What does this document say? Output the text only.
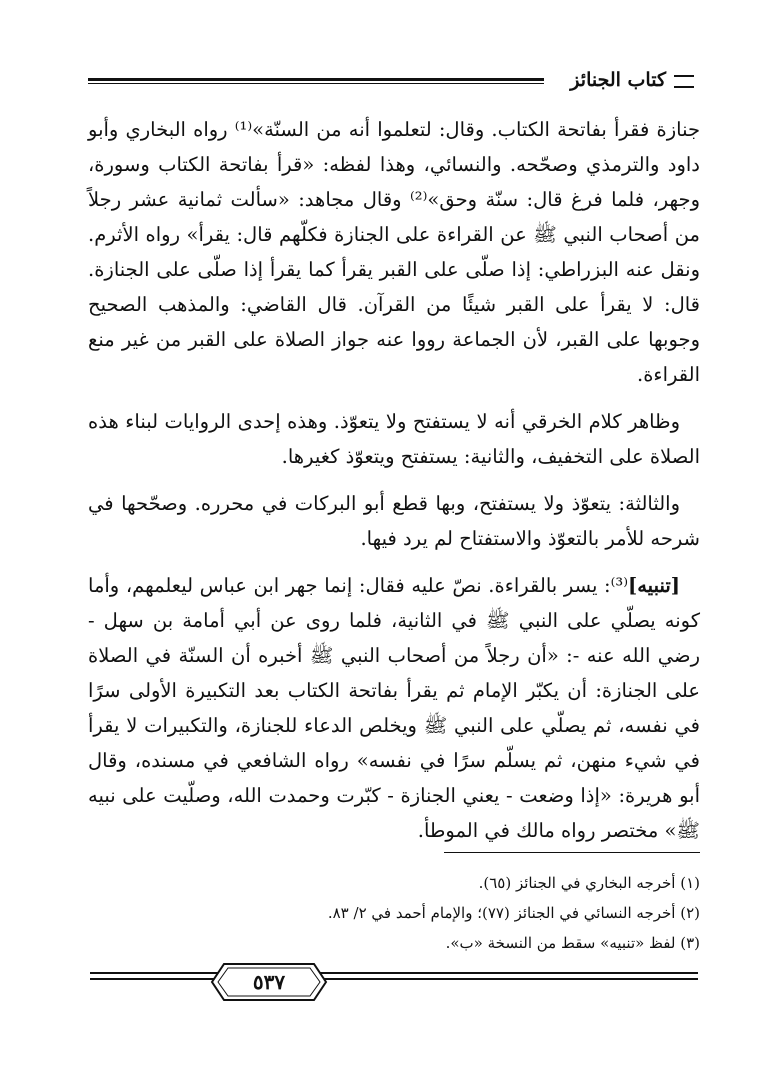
كتاب الجنائز

جنازة فقرأ بفاتحة الكتاب. وقال: لتعلموا أنه من السنّة»⁽¹⁾ رواه البخاري وأبو داود والترمذي وصحّحه. والنسائي، وهذا لفظه: «قرأ بفاتحة الكتاب وسورة، وجهر، فلما فرغ قال: سنّة وحق»⁽²⁾ وقال مجاهد: «سألت ثمانية عشر رجلاً من أصحاب النبي ﷺ عن القراءة على الجنازة فكلّهم قال: يقرأ» رواه الأثرم. ونقل عنه البزراطي: إذا صلّى على القبر يقرأ كما يقرأ إذا صلّى على الجنازة. قال: لا يقرأ على القبر شيئًا من القرآن. قال القاضي: والمذهب الصحيح وجوبها على القبر، لأن الجماعة رووا عنه جواز الصلاة على القبر من غير منع القراءة.

وظاهر كلام الخرقي أنه لا يستفتح ولا يتعوّذ. وهذه إحدى الروايات لبناء هذه الصلاة على التخفيف، والثانية: يستفتح ويتعوّذ كغيرها.

والثالثة: يتعوّذ ولا يستفتح، وبها قطع أبو البركات في محرره. وصحّحها في شرحه للأمر بالتعوّذ والاستفتاح لم يرد فيها.

[تنبيه]⁽³⁾: يسر بالقراءة. نصّ عليه فقال: إنما جهر ابن عباس ليعلمهم، وأما كونه يصلّي على النبي ﷺ في الثانية، فلما روى عن أبي أمامة بن سهل - رضي الله عنه -: «أن رجلاً من أصحاب النبي ﷺ أخبره أن السنّة في الصلاة على الجنازة: أن يكبّر الإمام ثم يقرأ بفاتحة الكتاب بعد التكبيرة الأولى سرًا في نفسه، ثم يصلّي على النبي ﷺ ويخلص الدعاء للجنازة، والتكبيرات لا يقرأ في شيء منهن، ثم يسلّم سرًا في نفسه» رواه الشافعي في مسنده، وقال أبو هريرة: «إذا وضعت - يعني الجنازة - كبّرت وحمدت الله، وصلّيت على نبيه ﷺ» مختصر رواه مالك في الموطأ.

(١) أخرجه البخاري في الجنائز (٦٥).
(٢) أخرجه النسائي في الجنائز (٧٧)؛ والإمام أحمد في ٢/ ٨٣.
(٣) لفظ «تنبيه» سقط من النسخة «ب».
٥٣٧
